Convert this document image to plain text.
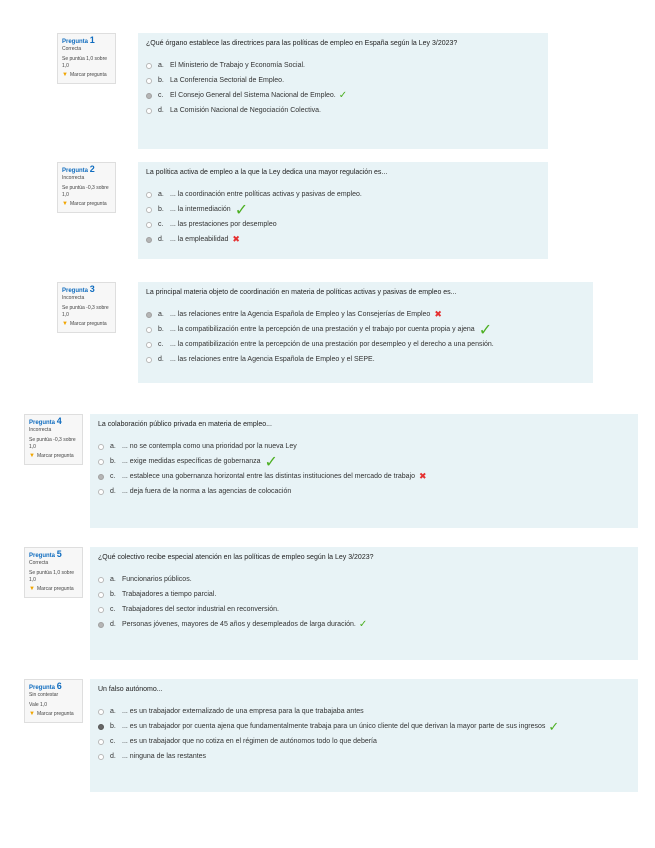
Pregunta 1
Correcta
Se puntúa 1,0 sobre 1,0
▼ Marcar pregunta
¿Qué órgano establece las directrices para las políticas de empleo en España según la Ley 3/2023?
a. El Ministerio de Trabajo y Economía Social.
b. La Conferencia Sectorial de Empleo.
c. El Consejo General del Sistema Nacional de Empleo. ✓
d. La Comisión Nacional de Negociación Colectiva.
Pregunta 2
Incorrecta
Se puntúa -0,3 sobre 1,0
▼ Marcar pregunta
La política activa de empleo a la que la Ley dedica una mayor regulación es...
a. ... la coordinación entre políticas activas y pasivas de empleo.
b. ... la intermediación ✓
c. ... las prestaciones por desempleo
d. ... la empleabilidad ✖
Pregunta 3
Incorrecta
Se puntúa -0,3 sobre 1,0
▼ Marcar pregunta
La principal materia objeto de coordinación en materia de políticas activas y pasivas de empleo es...
a. ... las relaciones entre la Agencia Española de Empleo y las Consejerías de Empleo ✖
b. ... la compatibilización entre la percepción de una prestación y el trabajo por cuenta propia y ajena ✓
c. ... la compatibilización entre la percepción de una prestación por desempleo y el derecho a una pensión.
d. ... las relaciones entre la Agencia Española de Empleo y el SEPE.
Pregunta 4
Incorrecta
Se puntúa -0,3 sobre 1,0
▼ Marcar pregunta
La colaboración público privada en materia de empleo...
a. ... no se contempla como una prioridad por la nueva Ley
b. ... exige medidas específicas de gobernanza ✓
c. ... establece una gobernanza horizontal entre las distintas instituciones del mercado de trabajo ✖
d. ... deja fuera de la norma a las agencias de colocación
Pregunta 5
Correcta
Se puntúa 1,0 sobre 1,0
▼ Marcar pregunta
¿Qué colectivo recibe especial atención en las políticas de empleo según la Ley 3/2023?
a. Funcionarios públicos.
b. Trabajadores a tiempo parcial.
c. Trabajadores del sector industrial en reconversión.
d. Personas jóvenes, mayores de 45 años y desempleados de larga duración. ✓
Pregunta 6
Sin contestar
Vale 1,0
▼ Marcar pregunta
Un falso autónomo...
a. ... es un trabajador externalizado de una empresa para la que trabajaba antes
b. ... es un trabajador por cuenta ajena que fundamentalmente trabaja para un único cliente del que derivan la mayor parte de sus ingresos ✓
c. ... es un trabajador que no cotiza en el régimen de autónomos todo lo que debería
d. ... ninguna de las restantes
